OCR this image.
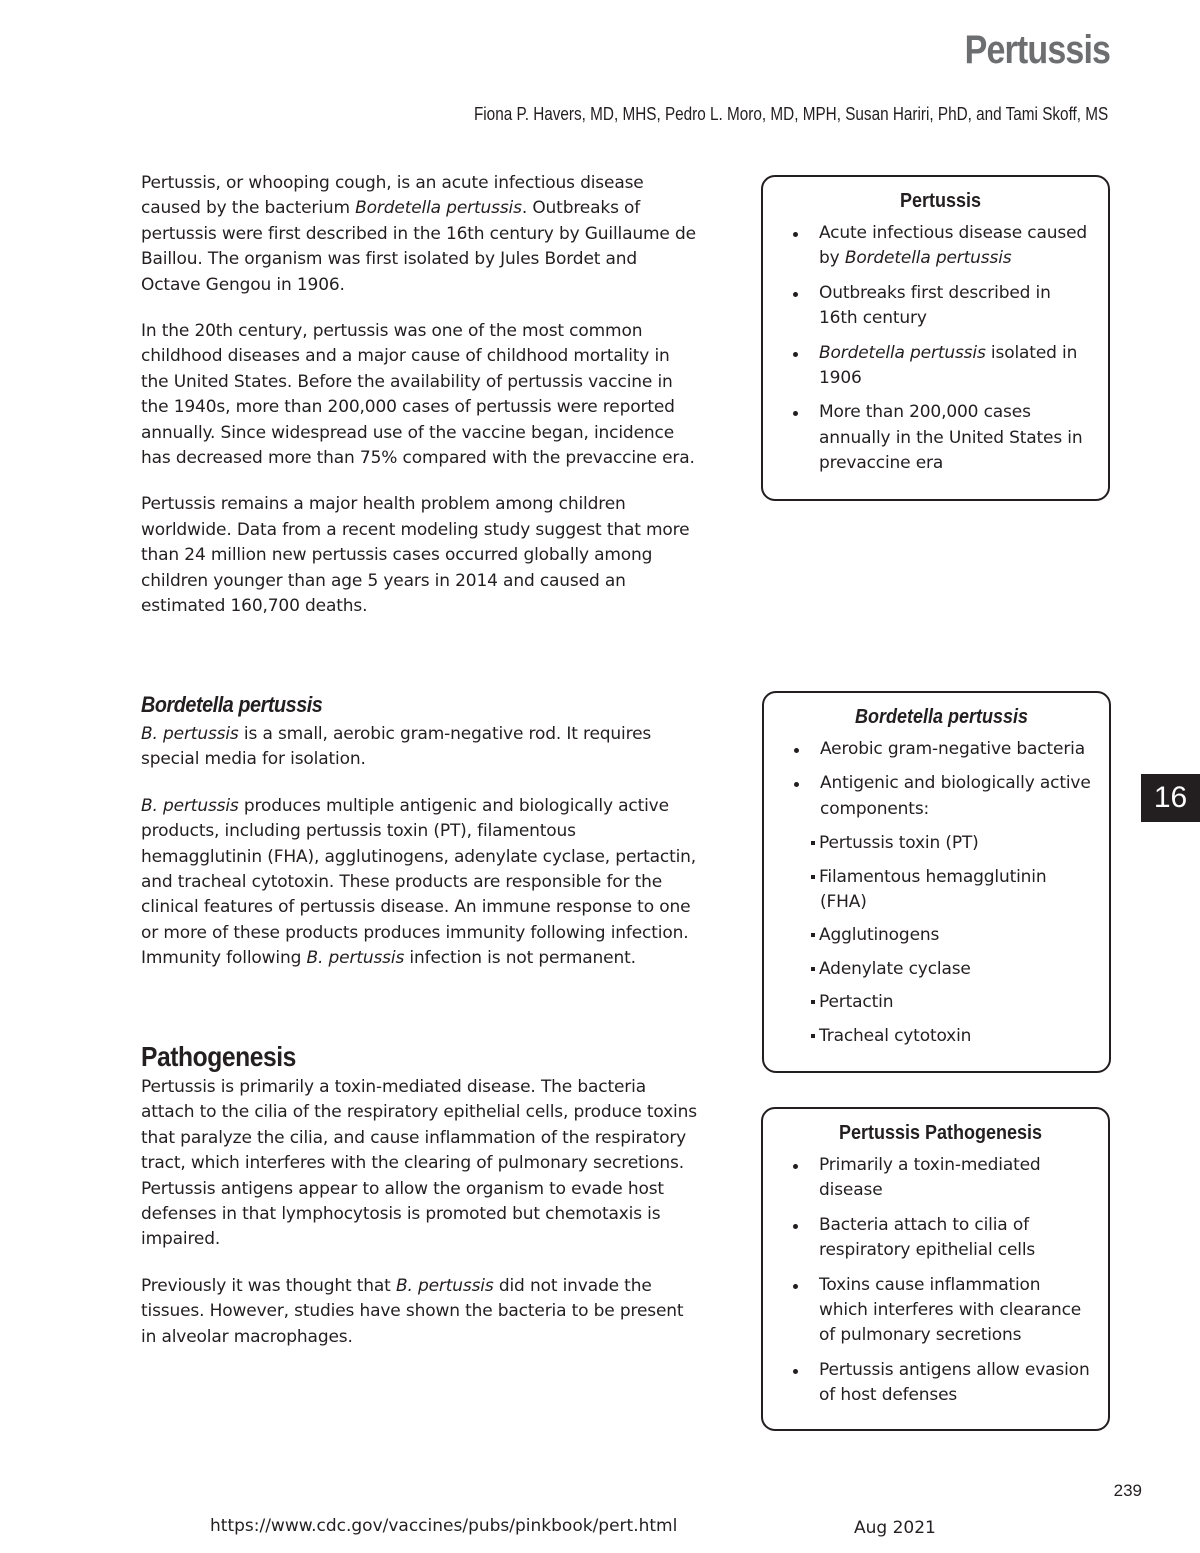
Pertussis

Fiona P. Havers, MD, MHS, Pedro L. Moro, MD, MPH, Susan Hariri, PhD, and Tami Skoff, MS

Pertussis, or whooping cough, is an acute infectious disease caused by the bacterium Bordetella pertussis. Outbreaks of pertussis were first described in the 16th century by Guillaume de Baillou. The organism was first isolated by Jules Bordet and Octave Gengou in 1906.

In the 20th century, pertussis was one of the most common childhood diseases and a major cause of childhood mortality in the United States. Before the availability of pertussis vaccine in the 1940s, more than 200,000 cases of pertussis were reported annually. Since widespread use of the vaccine began, incidence has decreased more than 75% compared with the prevaccine era.

Pertussis remains a major health problem among children worldwide. Data from a recent modeling study suggest that more than 24 million new pertussis cases occurred globally among children younger than age 5 years in 2014 and caused an estimated 160,700 deaths.

Bordetella pertussis

B. pertussis is a small, aerobic gram-negative rod. It requires special media for isolation.

B. pertussis produces multiple antigenic and biologically active products, including pertussis toxin (PT), filamentous hemagglutinin (FHA), agglutinogens, adenylate cyclase, pertactin, and tracheal cytotoxin. These products are responsible for the clinical features of pertussis disease. An immune response to one or more of these products produces immunity following infection. Immunity following B. pertussis infection is not permanent.

Pathogenesis

Pertussis is primarily a toxin-mediated disease. The bacteria attach to the cilia of the respiratory epithelial cells, produce toxins that paralyze the cilia, and cause inflammation of the respiratory tract, which interferes with the clearing of pulmonary secretions. Pertussis antigens appear to allow the organism to evade host defenses in that lymphocytosis is promoted but chemotaxis is impaired.

Previously it was thought that B. pertussis did not invade the tissues. However, studies have shown the bacteria to be present in alveolar macrophages.

Pertussis
Acute infectious disease caused by Bordetella pertussis
Outbreaks first described in 16th century
Bordetella pertussis isolated in 1906
More than 200,000 cases annually in the United States in prevaccine era
Bordetella pertussis
Aerobic gram-negative bacteria
Antigenic and biologically active components:
Pertussis toxin (PT)
Filamentous hemagglutinin (FHA)
Agglutinogens
Adenylate cyclase
Pertactin
Tracheal cytotoxin
Pertussis Pathogenesis
Primarily a toxin-mediated disease
Bacteria attach to cilia of respiratory epithelial cells
Toxins cause inflammation which interferes with clearance of pulmonary secretions
Pertussis antigens allow evasion of host defenses
16

239

https://www.cdc.gov/vaccines/pubs/pinkbook/pert.html	Aug 2021
